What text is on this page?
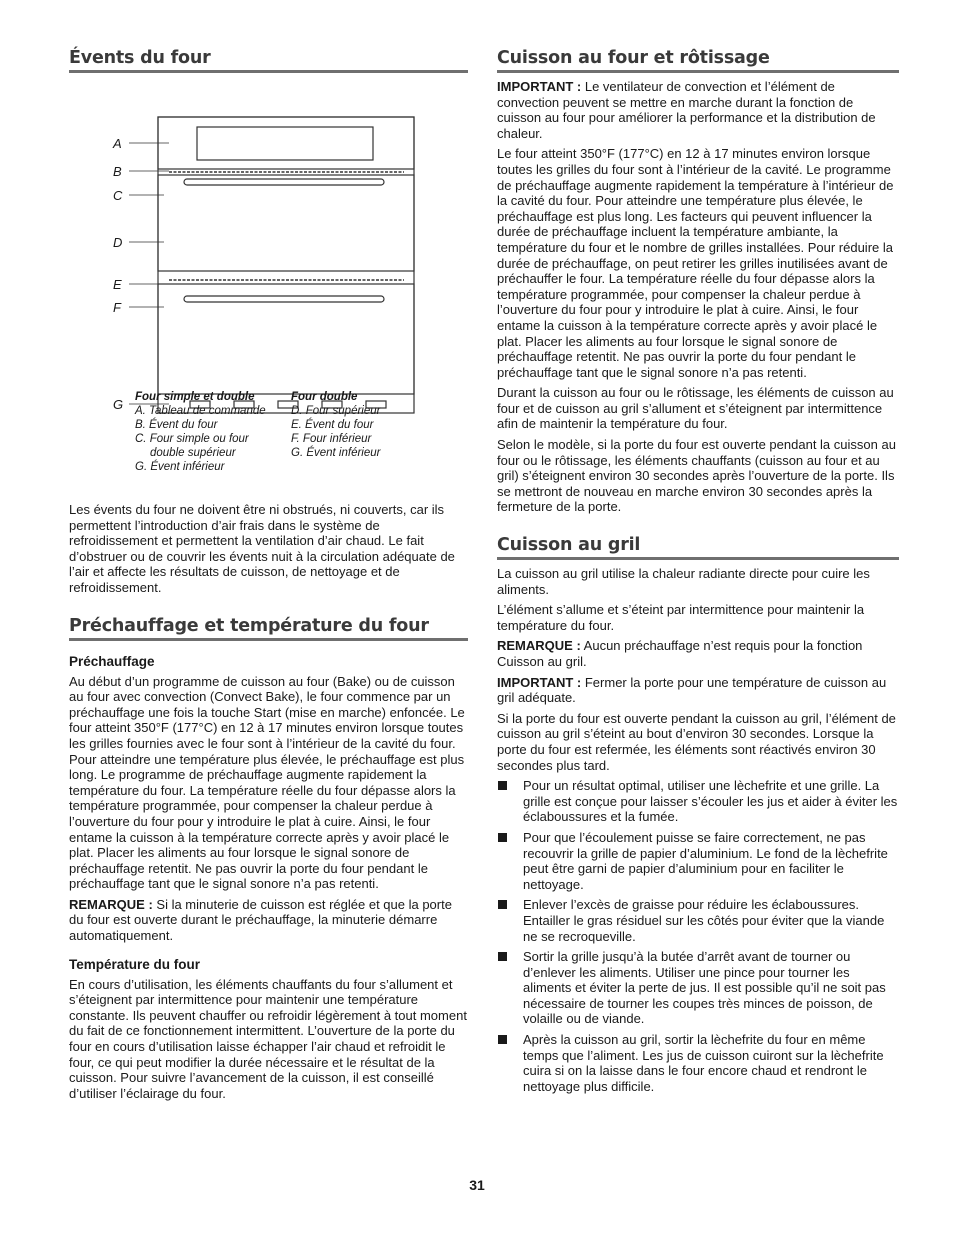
Évents du four
A
B
C
D
E
F
G Four simple et double
A. Tableau de commande
B. Évent du four
C. Four simple ou four
double supérieur
G. Évent inférieur
Four double
D. Four supérieur
E. Évent du four
F. Four inférieur
G. Évent inférieur

Les évents du four ne doivent être ni obstrués, ni couverts, car ils permettent l’introduction d’air frais dans le système de refroidissement et permettent la ventilation d’air chaud. Le fait d’obstruer ou de couvrir les évents nuit à la circulation adéquate de l’air et affecte les résultats de cuisson, de nettoyage et de refroidissement.

Préchauffage et température du four
Préchauffage

Au début d’un programme de cuisson au four (Bake) ou de cuisson au four avec convection (Convect Bake), le four commence par un préchauffage une fois la touche Start (mise en marche) enfoncée. Le four atteint 350°F (177°C) en 12 à 17 minutes environ lorsque toutes les grilles fournies avec le four sont à l’intérieur de la cavité du four. Pour atteindre une température plus élevée, le préchauffage est plus long. Le programme de préchauffage augmente rapidement la température du four. La température réelle du four dépasse alors la température programmée, pour compenser la chaleur perdue à l’ouverture du four pour y introduire le plat à cuire. Ainsi, le four entame la cuisson à la température correcte après y avoir placé le plat. Placer les aliments au four lorsque le signal sonore de préchauffage retentit. Ne pas ouvrir la porte du four pendant le préchauffage tant que le signal sonore n’a pas retenti.

REMARQUE : Si la minuterie de cuisson est réglée et que la porte du four est ouverte durant le préchauffage, la minuterie démarre automatiquement.

Température du four

En cours d’utilisation, les éléments chauffants du four s’allument et s’éteignent par intermittence pour maintenir une température constante. Ils peuvent chauffer ou refroidir légèrement à tout moment du fait de ce fonctionnement intermittent. L’ouverture de la porte du four en cours d’utilisation laisse échapper l’air chaud et refroidit le four, ce qui peut modifier la durée nécessaire et le résultat de la cuisson. Pour suivre l’avancement de la cuisson, il est conseillé d’utiliser l’éclairage du four.

Cuisson au four et rôtissage

IMPORTANT : Le ventilateur de convection et l’élément de convection peuvent se mettre en marche durant la fonction de cuisson au four pour améliorer la performance et la distribution de chaleur.

Le four atteint 350°F (177°C) en 12 à 17 minutes environ lorsque toutes les grilles du four sont à l’intérieur de la cavité. Le programme de préchauffage augmente rapidement la température à l’intérieur de la cavité du four. Pour atteindre une température plus élevée, le préchauffage est plus long. Les facteurs qui peuvent influencer la durée de préchauffage incluent la température ambiante, la température du four et le nombre de grilles installées. Pour réduire la durée de préchauffage, on peut retirer les grilles inutilisées avant de préchauffer le four. La température réelle du four dépasse alors la température programmée, pour compenser la chaleur perdue à l’ouverture du four pour y introduire le plat à cuire. Ainsi, le four entame la cuisson à la température correcte après y avoir placé le plat. Placer les aliments au four lorsque le signal sonore de préchauffage retentit. Ne pas ouvrir la porte du four pendant le préchauffage tant que le signal sonore n’a pas retenti.

Durant la cuisson au four ou le rôtissage, les éléments de cuisson au four et de cuisson au gril s’allument et s’éteignent par intermittence afin de maintenir la température du four.

Selon le modèle, si la porte du four est ouverte pendant la cuisson au four ou le rôtissage, les éléments chauffants (cuisson au four et au gril) s’éteignent environ 30 secondes après l’ouverture de la porte. Ils se mettront de nouveau en marche environ 30 secondes après la fermeture de la porte.

Cuisson au gril

La cuisson au gril utilise la chaleur radiante directe pour cuire les aliments.

L’élément s’allume et s’éteint par intermittence pour maintenir la température du four.

REMARQUE : Aucun préchauffage n’est requis pour la fonction Cuisson au gril.

IMPORTANT : Fermer la porte pour une température de cuisson au gril adéquate.

Si la porte du four est ouverte pendant la cuisson au gril, l’élément de cuisson au gril s’éteint au bout d’environ 30 secondes. Lorsque la porte du four est refermée, les éléments sont réactivés environ 30 secondes plus tard.

Pour un résultat optimal, utiliser une lèchefrite et une grille. La grille est conçue pour laisser s’écouler les jus et aider à éviter les éclaboussures et la fumée.
Pour que l’écoulement puisse se faire correctement, ne pas recouvrir la grille de papier d’aluminium. Le fond de la lèchefrite peut être garni de papier d’aluminium pour en faciliter le nettoyage.
Enlever l’excès de graisse pour réduire les éclaboussures. Entailler le gras résiduel sur les côtés pour éviter que la viande ne se recroqueville.
Sortir la grille jusqu’à la butée d’arrêt avant de tourner ou d’enlever les aliments. Utiliser une pince pour tourner les aliments et éviter la perte de jus. Il est possible qu’il ne soit pas nécessaire de tourner les coupes très minces de poisson, de volaille ou de viande.
Après la cuisson au gril, sortir la lèchefrite du four en même temps que l’aliment. Les jus de cuisson cuiront sur la lèchefrite cuira si on la laisse dans le four encore chaud et rendront le nettoyage plus difficile.
31
